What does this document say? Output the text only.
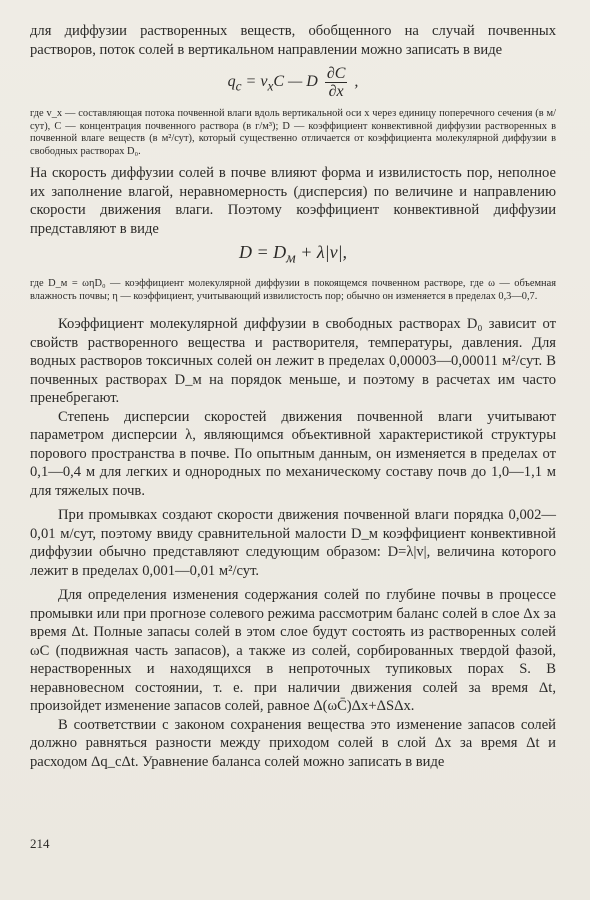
для диффузии растворенных веществ, обобщенного на случай почвенных растворов, поток солей в вертикальном направлении можно записать в виде

$q_c = v_xC$ — D $\frac{\partial C}{\partial x}$ ,

где v_x — составляющая потока почвенной влаги вдоль вертикальной оси x через единицу поперечного сечения (в м/сут), C — концентрация почвенного раствора (в г/м³); D — коэффициент конвективной диффузии растворенных в почвенной влаге веществ (в м²/сут), который существенно отличается от коэффициента молекулярной диффузии в свободных растворах D₀.

На скорость диффузии солей в почве влияют форма и извилистость пор, неполное их заполнение влагой, неравномерность (дисперсия) по величине и направлению скорости движения влаги. Поэтому коэффициент конвективной диффузии представляют в виде

$D = D_м + \lambda|v|$,

где D_м = ωηD₀ — коэффициент молекулярной диффузии в покоящемся почвенном растворе, где ω — объемная влажность почвы; η — коэффициент, учитывающий извилистость пор; обычно он изменяется в пределах 0,3—0,7.

Коэффициент молекулярной диффузии в свободных растворах D₀ зависит от свойств растворенного вещества и растворителя, температуры, давления. Для водных растворов токсичных солей он лежит в пределах 0,00003—0,00011 м²/сут. В почвенных растворах D_м на порядок меньше, и поэтому в расчетах им часто пренебрегают.

Степень дисперсии скоростей движения почвенной влаги учитывают параметром дисперсии λ, являющимся объективной характеристикой структуры порового пространства в почве. По опытным данным, он изменяется в пределах от 0,1—0,4 м для легких и однородных по механическому составу почв до 1,0—1,1 м для тяжелых почв.

При промывках создают скорости движения почвенной влаги порядка 0,002—0,01 м/сут, поэтому ввиду сравнительной малости D_м коэффициент конвективной диффузии обычно представляют следующим образом: D=λ|v|, величина которого лежит в пределах 0,001—0,01 м²/сут.

Для определения изменения содержания солей по глубине почвы в процессе промывки или при прогнозе солевого режима рассмотрим баланс солей в слое Δx за время Δt. Полные запасы солей в этом слое будут состоять из растворенных солей ωC (подвижная часть запасов), а также из солей, сорбированных твердой фазой, нерастворенных и находящихся в непроточных тупиковых порах S. В неравновесном состоянии, т. е. при наличии движения солей за время Δt, произойдет изменение запасов солей, равное Δ(ωC̄)Δx+ΔSΔx.

В соответствии с законом сохранения вещества это изменение запасов солей должно равняться разности между приходом солей в слой Δx за время Δt и расходом Δq_cΔt. Уравнение баланса солей можно записать в виде

214
